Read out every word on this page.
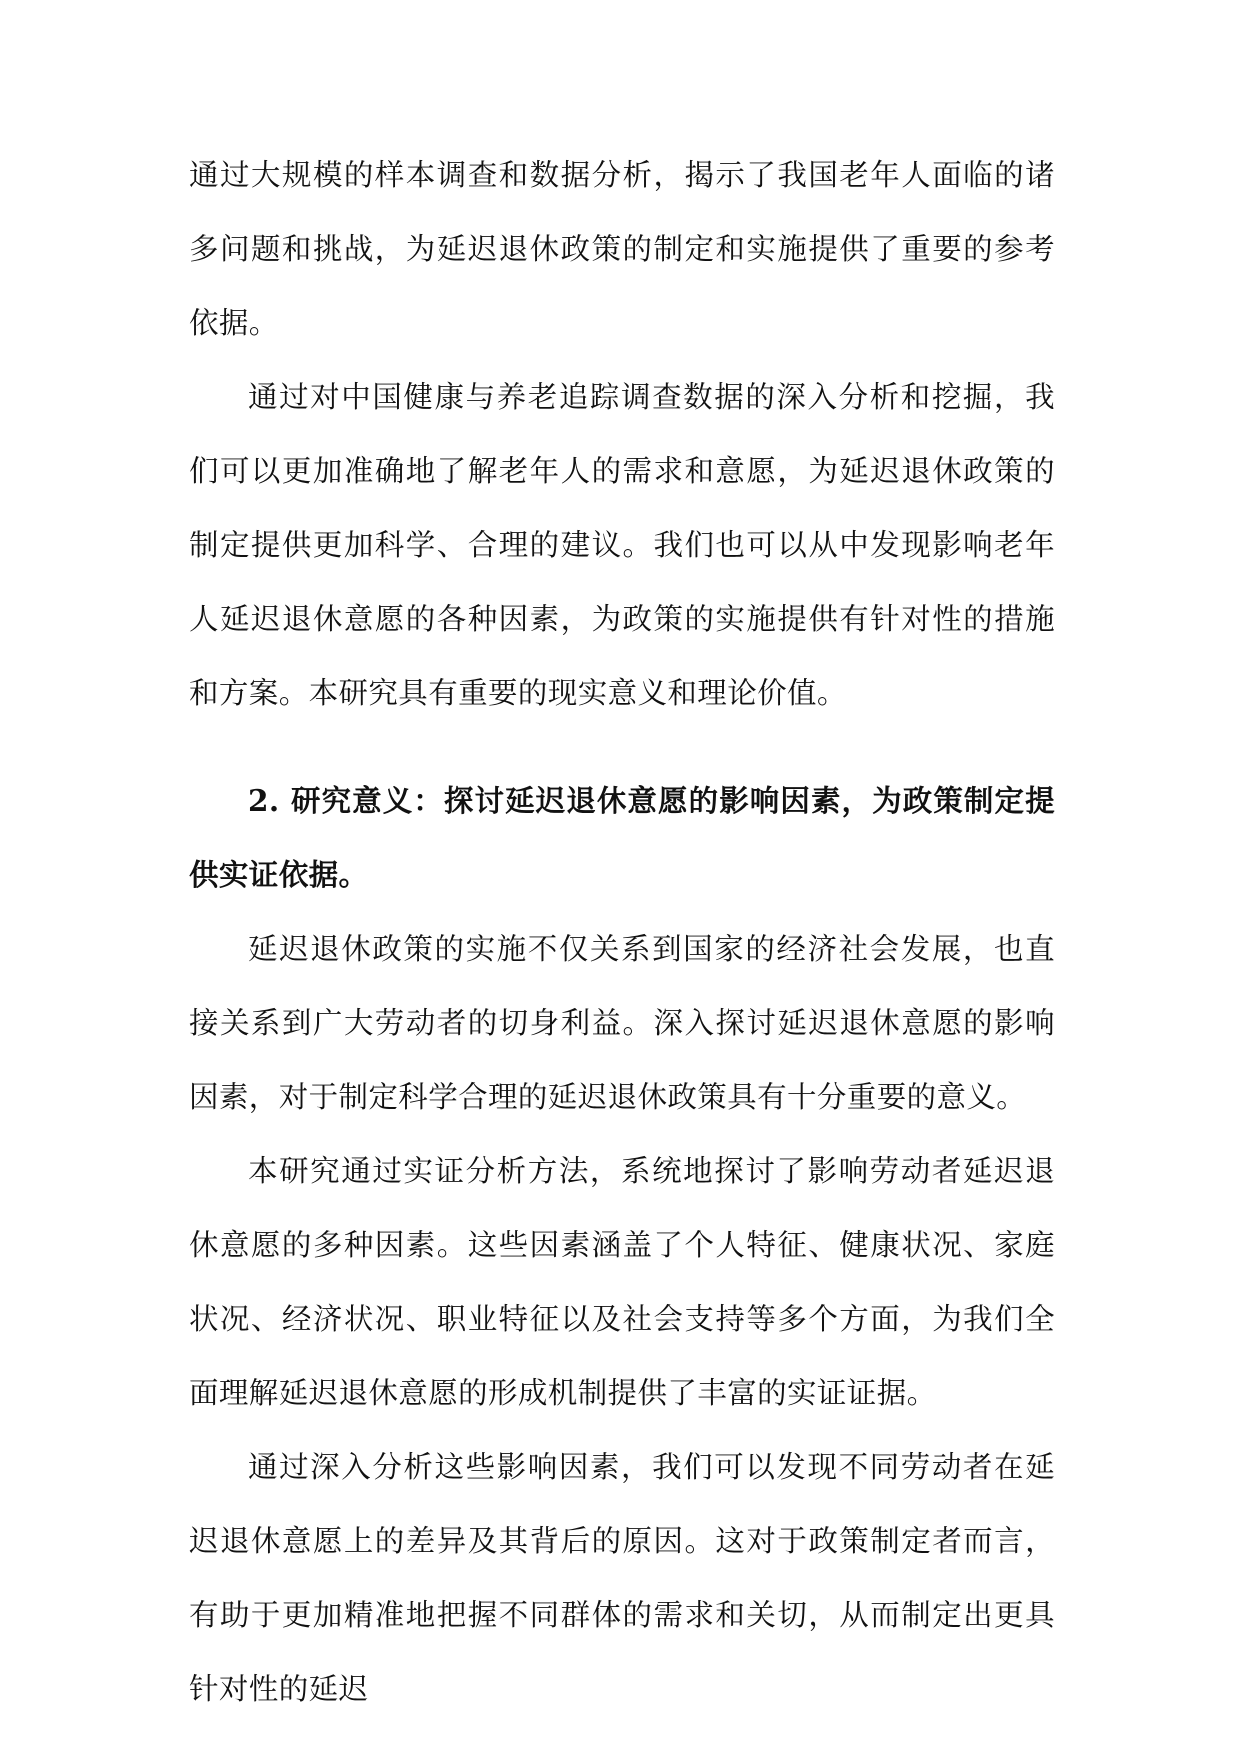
通过大规模的样本调查和数据分析，揭示了我国老年人面临的诸多问题和挑战，为延迟退休政策的制定和实施提供了重要的参考依据。

通过对中国健康与养老追踪调查数据的深入分析和挖掘，我们可以更加准确地了解老年人的需求和意愿，为延迟退休政策的制定提供更加科学、合理的建议。我们也可以从中发现影响老年人延迟退休意愿的各种因素，为政策的实施提供有针对性的措施和方案。本研究具有重要的现实意义和理论价值。

2. 研究意义：探讨延迟退休意愿的影响因素，为政策制定提供实证依据。

延迟退休政策的实施不仅关系到国家的经济社会发展，也直接关系到广大劳动者的切身利益。深入探讨延迟退休意愿的影响因素，对于制定科学合理的延迟退休政策具有十分重要的意义。

本研究通过实证分析方法，系统地探讨了影响劳动者延迟退休意愿的多种因素。这些因素涵盖了个人特征、健康状况、家庭状况、经济状况、职业特征以及社会支持等多个方面，为我们全面理解延迟退休意愿的形成机制提供了丰富的实证证据。

通过深入分析这些影响因素，我们可以发现不同劳动者在延迟退休意愿上的差异及其背后的原因。这对于政策制定者而言，有助于更加精准地把握不同群体的需求和关切，从而制定出更具针对性的延迟
